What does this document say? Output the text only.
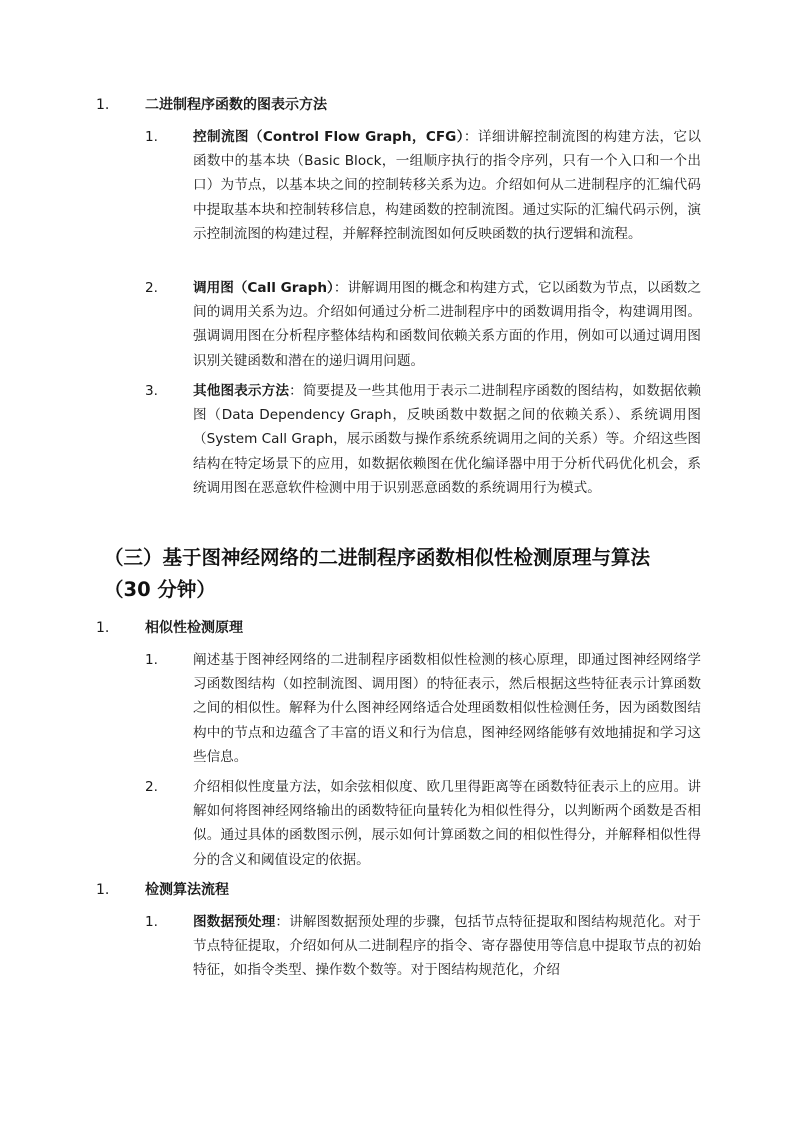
1.	二进制程序函数的图表示方法
1.	控制流图（Control Flow Graph，CFG）：详细讲解控制流图的构建方法，它以函数中的基本块（Basic Block，一组顺序执行的指令序列，只有一个入口和一个出口）为节点，以基本块之间的控制转移关系为边。介绍如何从二进制程序的汇编代码中提取基本块和控制转移信息，构建函数的控制流图。通过实际的汇编代码示例，演示控制流图的构建过程，并解释控制流图如何反映函数的执行逻辑和流程。
2.	调用图（Call Graph）：讲解调用图的概念和构建方式，它以函数为节点，以函数之间的调用关系为边。介绍如何通过分析二进制程序中的函数调用指令，构建调用图。强调调用图在分析程序整体结构和函数间依赖关系方面的作用，例如可以通过调用图识别关键函数和潜在的递归调用问题。
3.	其他图表示方法：简要提及一些其他用于表示二进制程序函数的图结构，如数据依赖图（Data Dependency Graph，反映函数中数据之间的依赖关系）、系统调用图（System Call Graph，展示函数与操作系统系统调用之间的关系）等。介绍这些图结构在特定场景下的应用，如数据依赖图在优化编译器中用于分析代码优化机会，系统调用图在恶意软件检测中用于识别恶意函数的系统调用行为模式。
（三）基于图神经网络的二进制程序函数相似性检测原理与算法
（30 分钟）
1.	相似性检测原理
1.	阐述基于图神经网络的二进制程序函数相似性检测的核心原理，即通过图神经网络学习函数图结构（如控制流图、调用图）的特征表示，然后根据这些特征表示计算函数之间的相似性。解释为什么图神经网络适合处理函数相似性检测任务，因为函数图结构中的节点和边蕴含了丰富的语义和行为信息，图神经网络能够有效地捕捉和学习这些信息。
2.	介绍相似性度量方法，如余弦相似度、欧几里得距离等在函数特征表示上的应用。讲解如何将图神经网络输出的函数特征向量转化为相似性得分，以判断两个函数是否相似。通过具体的函数图示例，展示如何计算函数之间的相似性得分，并解释相似性得分的含义和阈值设定的依据。
1.	检测算法流程
1.	图数据预处理：讲解图数据预处理的步骤，包括节点特征提取和图结构规范化。对于节点特征提取，介绍如何从二进制程序的指令、寄存器使用等信息中提取节点的初始特征，如指令类型、操作数个数等。对于图结构规范化，介绍
